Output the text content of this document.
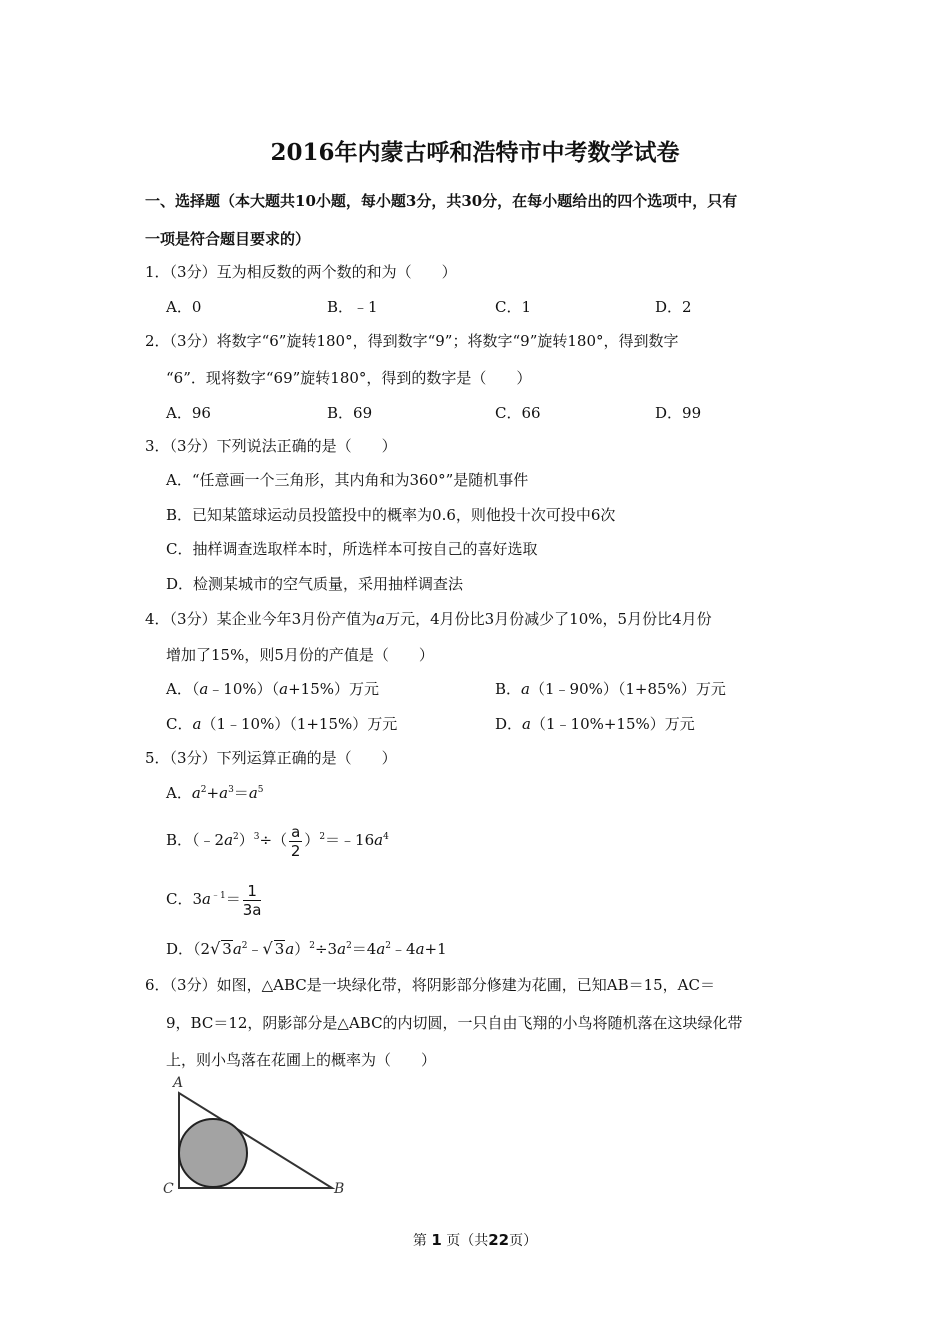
2016年内蒙古呼和浩特市中考数学试卷
一、选择题（本大题共10小题，每小题3分，共30分，在每小题给出的四个选项中，只有
一项是符合题目要求的）
1．（3分）互为相反数的两个数的和为（　　）
A．0	B．﹣1	C．1	D．2
2．（3分）将数字“6”旋转180°，得到数字“9”；将数字“9”旋转180°，得到数字
“6”．现将数字“69”旋转180°，得到的数字是（　　）
A．96	B．69	C．66	D．99
3．（3分）下列说法正确的是（　　）
A．“任意画一个三角形，其内角和为360°”是随机事件
B．已知某篮球运动员投篮投中的概率为0.6，则他投十次可投中6次
C．抽样调查选取样本时，所选样本可按自己的喜好选取
D．检测某城市的空气质量，采用抽样调查法
4．（3分）某企业今年3月份产值为a万元，4月份比3月份减少了10%，5月份比4月份
增加了15%，则5月份的产值是（　　）
A．（a﹣10%）（a+15%）万元	B．a（1﹣90%）（1+85%）万元
C．a（1﹣10%）（1+15%）万元	D．a（1﹣10%+15%）万元
5．（3分）下列运算正确的是（　　）
A．$a^2+a^3=a^5$
B．$(﹣2a^2)^3\div( \frac{a}{2}$ ）$^2=﹣16a^4$
C．$3a^{﹣1}= \frac{1}{3a}$
D．（2√ $3a^2﹣√$ $3a)^2\div 3a^2=4a^2﹣4a+1$
6．（3分）如图，△ABC是一块绿化带，将阴影部分修建为花圃，已知AB＝15，AC＝
9，BC＝12，阴影部分是△ABC的内切圆，一只自由飞翔的小鸟将随机落在这块绿化带
上，则小鸟落在花圃上的概率为（　　）
A
B
C
第 1 页（共22页）
